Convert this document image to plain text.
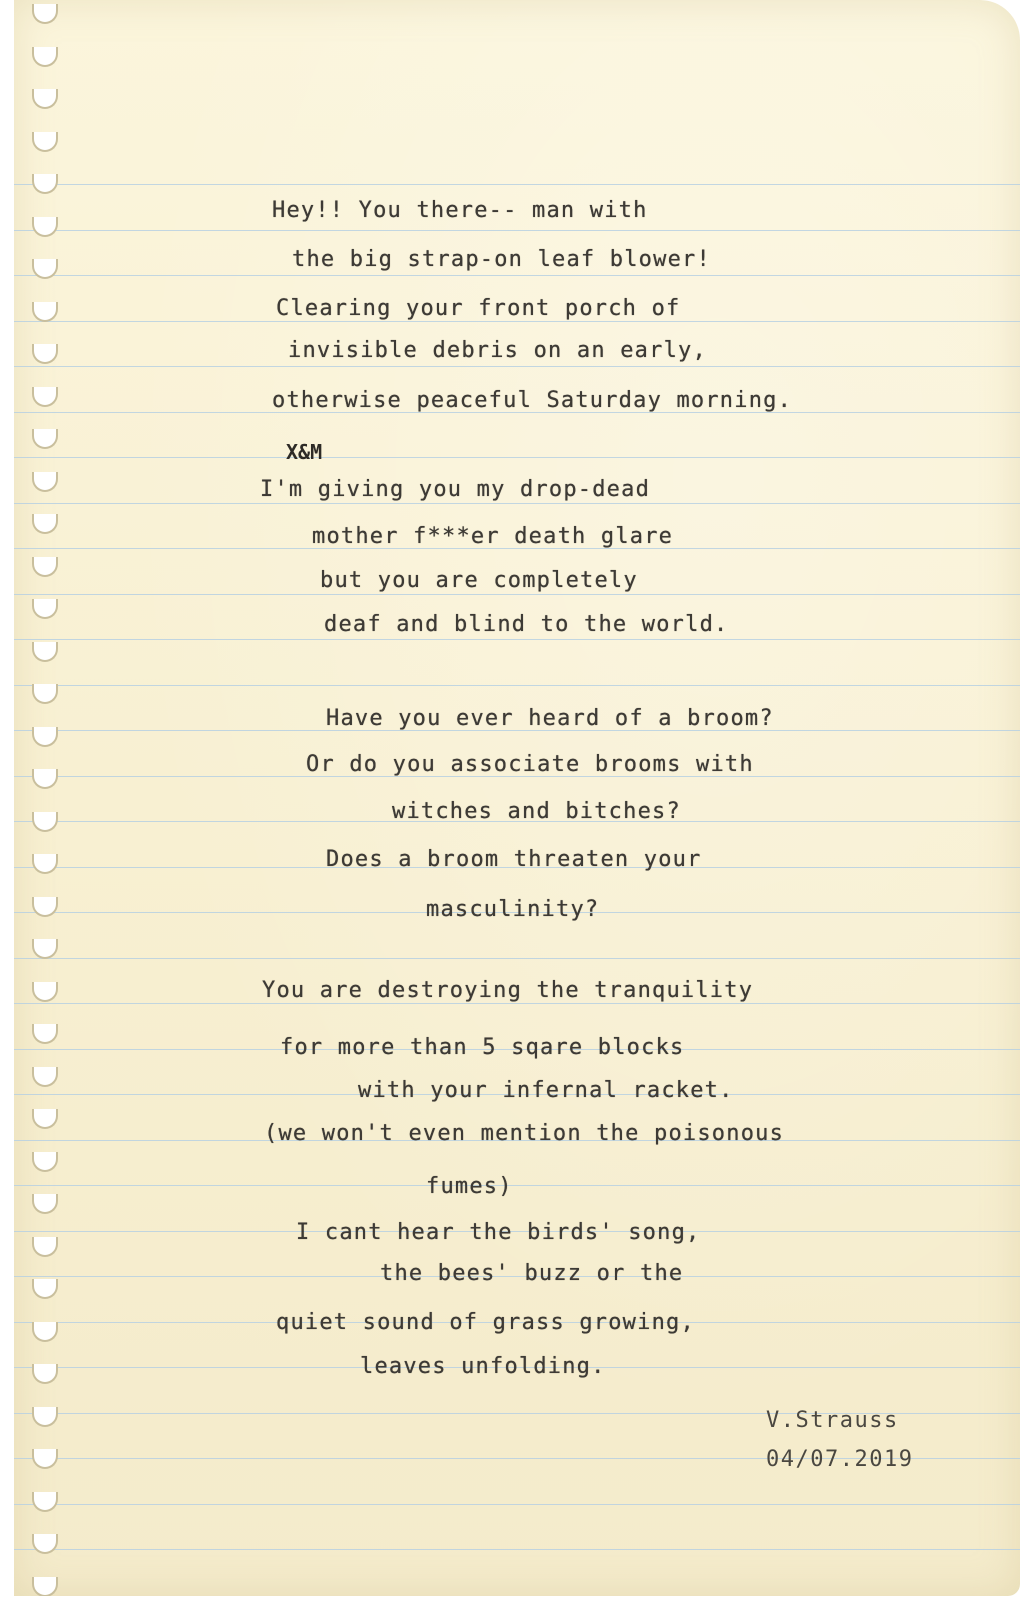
Hey!! You there-- man with
the big strap-on leaf blower!
Clearing your front porch of
invisible debris on an early,
otherwise peaceful Saturday morning.
X&M
I'm giving you my drop-dead
mother f***er death glare
but you are completely
deaf and blind to the world.
Have you ever heard of a broom?
Or do you associate brooms with
witches and bitches?
Does a broom threaten your
masculinity?
You are destroying the tranquility
for more than 5 sqare blocks
with your infernal racket.
(we won't even mention the poisonous
fumes)
I cant hear the birds' song,
the bees' buzz or the
quiet sound of grass growing,
leaves unfolding.
V.Strauss
04/07.2019
